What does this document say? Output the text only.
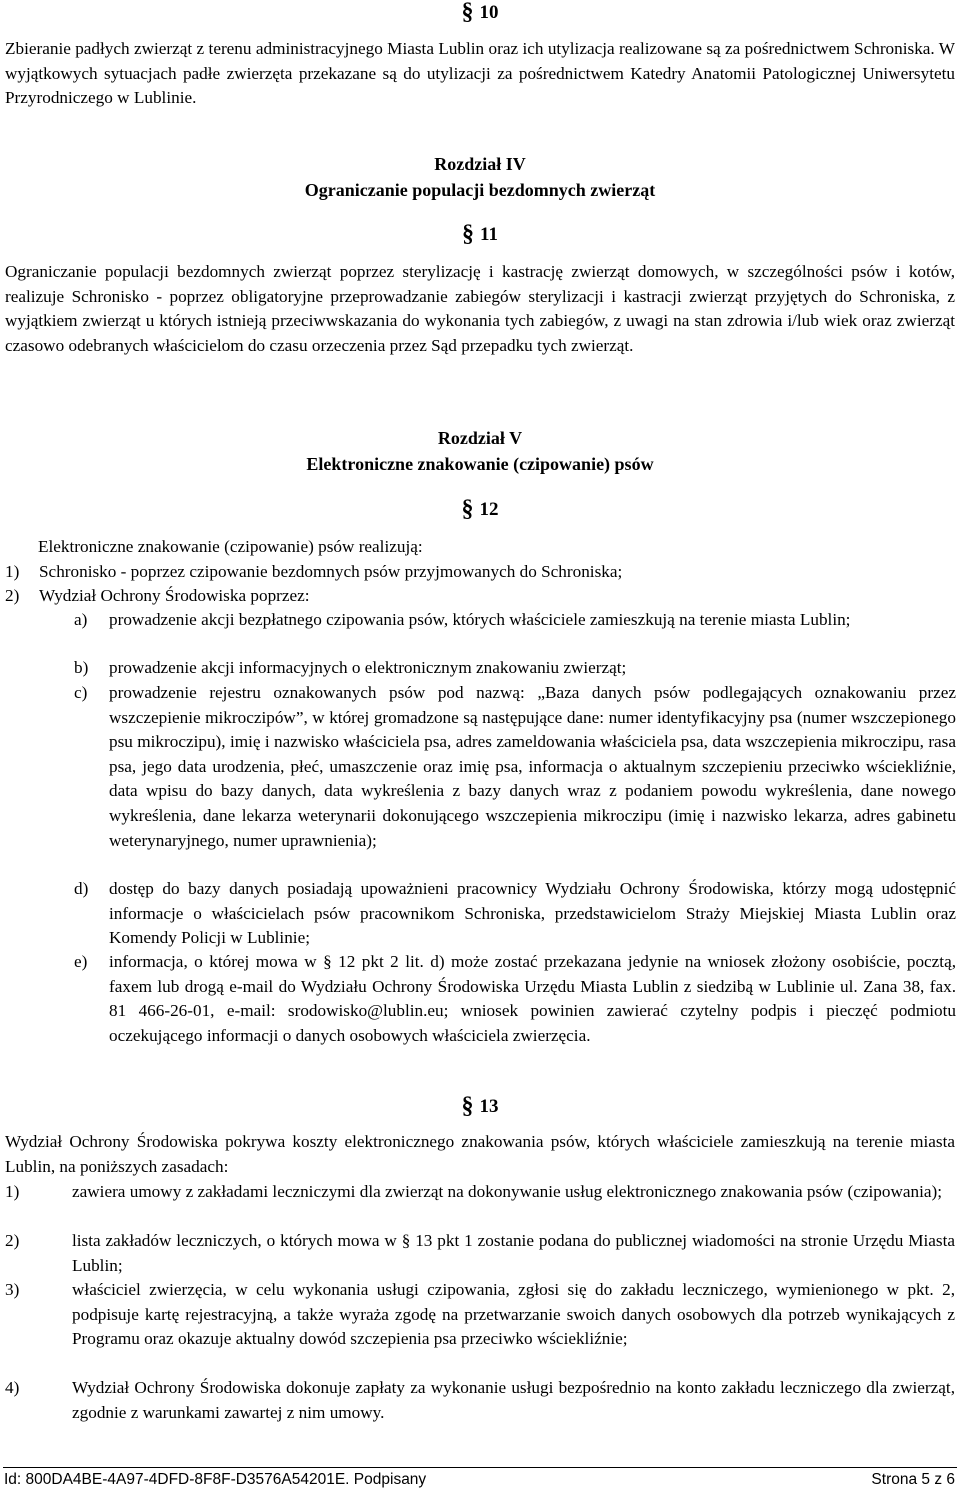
§ 10

Zbieranie padłych zwierząt z terenu administracyjnego Miasta Lublin oraz ich utylizacja realizowane są za pośrednictwem Schroniska. W wyjątkowych sytuacjach padłe zwierzęta przekazane są do utylizacji za pośrednictwem Katedry Anatomii Patologicznej Uniwersytetu Przyrodniczego w Lublinie.

Rozdział IV
Ograniczanie populacji bezdomnych zwierząt
§ 11

Ograniczanie populacji bezdomnych zwierząt poprzez sterylizację i kastrację zwierząt domowych, w szczególności psów i kotów, realizuje Schronisko - poprzez obligatoryjne przeprowadzanie zabiegów sterylizacji i kastracji zwierząt przyjętych do Schroniska, z wyjątkiem zwierząt u których istnieją przeciwwskazania do wykonania tych zabiegów, z uwagi na stan zdrowia i/lub wiek oraz zwierząt czasowo odebranych właścicielom do czasu orzeczenia przez Sąd przepadku tych zwierząt.

Rozdział V
Elektroniczne znakowanie (czipowanie) psów
§ 12

Elektroniczne znakowanie (czipowanie) psów realizują:

1)	Schronisko - poprzez czipowanie bezdomnych psów przyjmowanych do Schroniska;
2)	Wydział Ochrony Środowiska poprzez:
a)	prowadzenie akcji bezpłatnego czipowania psów, których właściciele zamieszkują na terenie miasta Lublin;
b)	prowadzenie akcji informacyjnych o elektronicznym znakowaniu zwierząt;
c)	prowadzenie rejestru oznakowanych psów pod nazwą: „Baza danych psów podlegających oznakowaniu przez wszczepienie mikroczipów”, w której gromadzone są następujące dane: numer identyfikacyjny psa (numer wszczepionego psu mikroczipu), imię i nazwisko właściciela psa, adres zameldowania właściciela psa, data wszczepienia mikroczipu, rasa psa, jego data urodzenia, płeć, umaszczenie oraz imię psa, informacja o aktualnym szczepieniu przeciwko wściekliźnie, data wpisu do bazy danych, data wykreślenia z bazy danych wraz z podaniem powodu wykreślenia, dane nowego wykreślenia, dane lekarza weterynarii dokonującego wszczepienia mikroczipu (imię i nazwisko lekarza, adres gabinetu weterynaryjnego, numer uprawnienia);
d)	dostęp do bazy danych posiadają upoważnieni pracownicy Wydziału Ochrony Środowiska, którzy mogą udostępnić informacje o właścicielach psów pracownikom Schroniska, przedstawicielom Straży Miejskiej Miasta Lublin oraz Komendy Policji w Lublinie;
e)	informacja, o której mowa w § 12 pkt 2 lit. d) może zostać przekazana jedynie na wniosek złożony osobiście, pocztą, faxem lub drogą e-mail do Wydziału Ochrony Środowiska Urzędu Miasta Lublin z siedzibą w Lublinie ul. Zana 38, fax. 81 466-26-01, e-mail: srodowisko@lublin.eu; wniosek powinien zawierać czytelny podpis i pieczęć podmiotu oczekującego informacji o danych osobowych właściciela zwierzęcia.
§ 13

Wydział Ochrony Środowiska pokrywa koszty elektronicznego znakowania psów, których właściciele zamieszkują na terenie miasta Lublin, na poniższych zasadach:

1)	zawiera umowy z zakładami leczniczymi dla zwierząt na dokonywanie usług elektronicznego znakowania psów (czipowania);
2)	lista zakładów leczniczych, o których mowa w § 13 pkt 1 zostanie podana do publicznej wiadomości na stronie Urzędu Miasta Lublin;
3)	właściciel zwierzęcia, w celu wykonania usługi czipowania, zgłosi się do zakładu leczniczego, wymienionego w pkt. 2, podpisuje kartę rejestracyjną, a także wyraża zgodę na przetwarzanie swoich danych osobowych dla potrzeb wynikających z Programu oraz okazuje aktualny dowód szczepienia psa przeciwko wściekliźnie;
4)	Wydział Ochrony Środowiska dokonuje zapłaty za wykonanie usługi bezpośrednio na konto zakładu leczniczego dla zwierząt, zgodnie z warunkami zawartej z nim umowy.
Id: 800DA4BE-4A97-4DFD-8F8F-D3576A54201E. Podpisany	Strona 5 z 6
